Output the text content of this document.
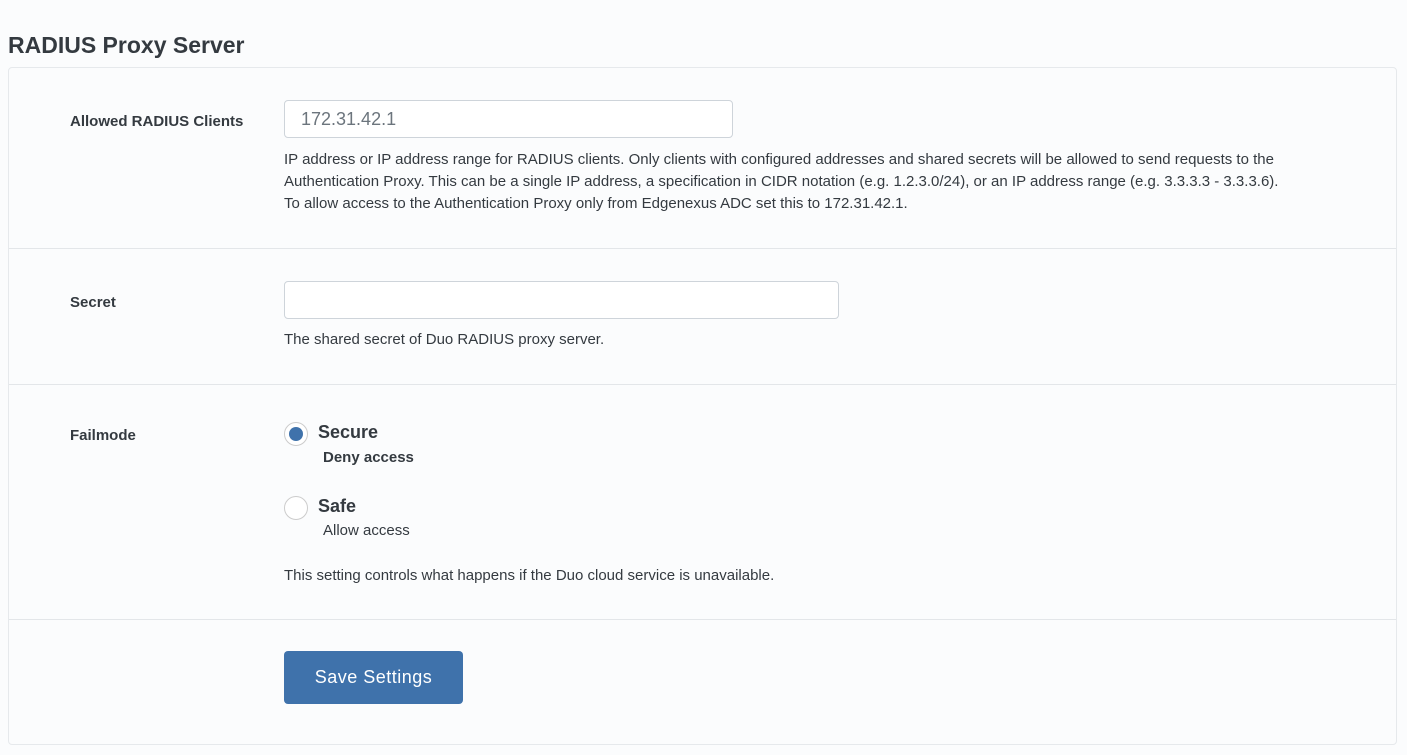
RADIUS Proxy Server
Allowed RADIUS Clients
172.31.42.1
IP address or IP address range for RADIUS clients. Only clients with configured addresses and shared secrets will be allowed to send requests to the
Authentication Proxy. This can be a single IP address, a specification in CIDR notation (e.g. 1.2.3.0/24), or an IP address range (e.g. 3.3.3.3 - 3.3.3.6).
To allow access to the Authentication Proxy only from Edgenexus ADC set this to 172.31.42.1.
Secret
The shared secret of Duo RADIUS proxy server.
Failmode	Secure
Deny access
Safe
Allow access
This setting controls what happens if the Duo cloud service is unavailable.
Save Settings
